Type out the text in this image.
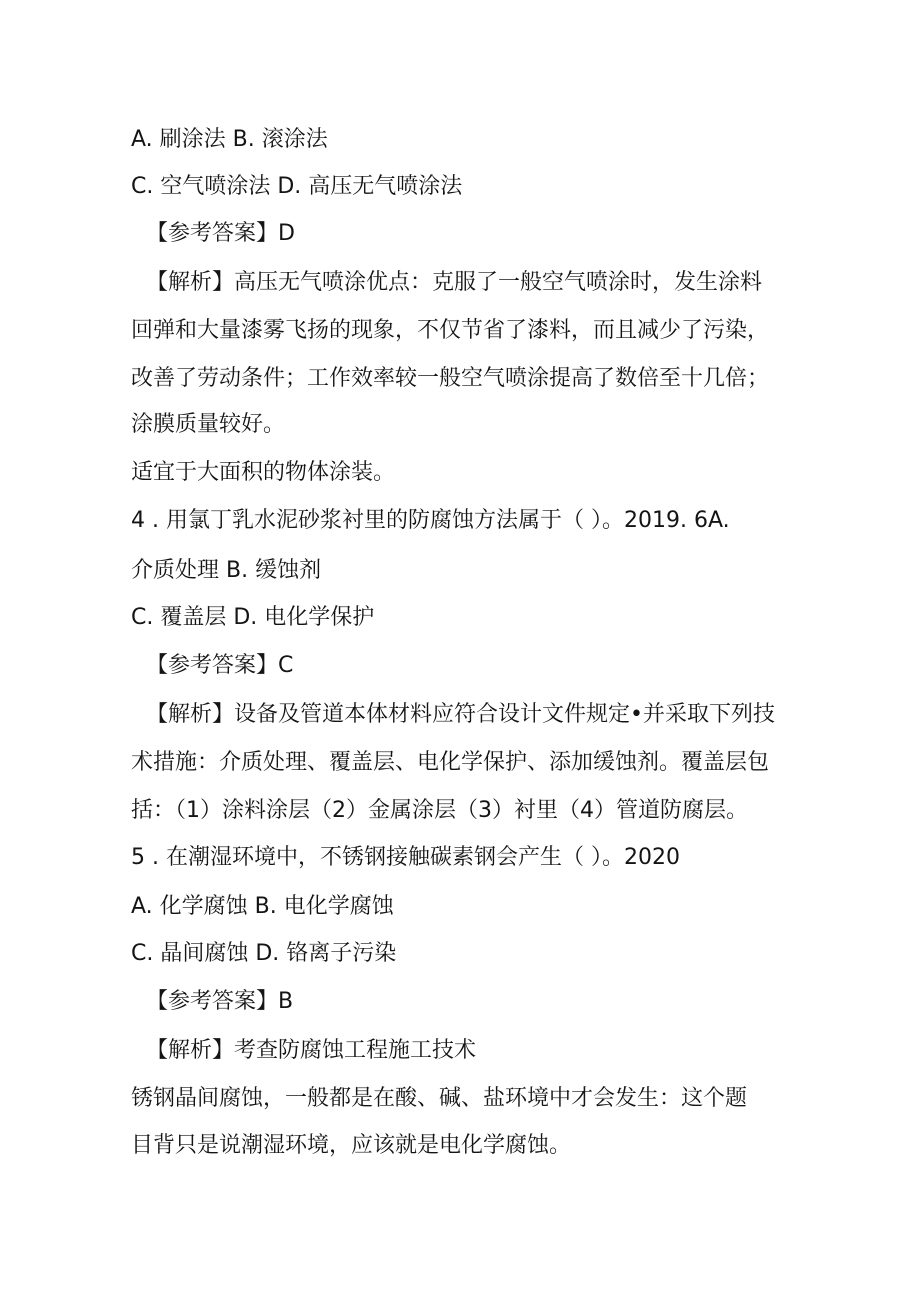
A. 刷涂法 B. 滚涂法
C. 空气喷涂法 D. 高压无气喷涂法
【参考答案】D
【解析】高压无气喷涂优点：克服了一般空气喷涂时，发生涂料
回弹和大量漆雾飞扬的现象，不仅节省了漆料，而且减少了污染，
改善了劳动条件；工作效率较一般空气喷涂提高了数倍至十几倍；
涂膜质量较好。
适宜于大面积的物体涂装。
4 . 用氯丁乳水泥砂浆衬里的防腐蚀方法属于（ ）。2019. 6A.
介质处理 B. 缓蚀剂
C. 覆盖层 D. 电化学保护
【参考答案】C
【解析】设备及管道本体材料应符合设计文件规定•并采取下列技
术措施：介质处理、覆盖层、电化学保护、添加缓蚀剂。覆盖层包
括：（1）涂料涂层（2）金属涂层（3）衬里（4）管道防腐层。
5 . 在潮湿环境中，不锈钢接触碳素钢会产生（ ）。2020
A. 化学腐蚀 B. 电化学腐蚀
C. 晶间腐蚀 D. 铬离子污染
【参考答案】B
【解析】考查防腐蚀工程施工技术
锈钢晶间腐蚀，一般都是在酸、碱、盐环境中才会发生：这个题
目背只是说潮湿环境，应该就是电化学腐蚀。
